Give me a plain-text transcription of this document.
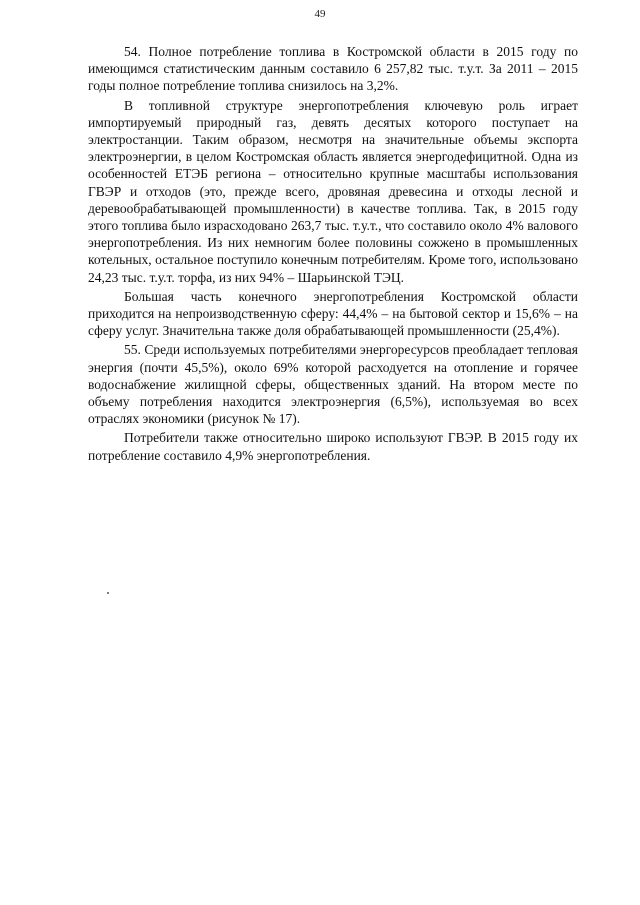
49

54. Полное потребление топлива в Костромской области в 2015 году по имеющимся статистическим данным составило 6 257,82 тыс. т.у.т. За 2011 – 2015 годы полное потребление топлива снизилось на 3,2%.

В топливной структуре энергопотребления ключевую роль играет импортируемый природный газ, девять десятых которого поступает на электростанции. Таким образом, несмотря на значительные объемы экспорта электроэнергии, в целом Костромская область является энергодефицитной. Одна из особенностей ЕТЭБ региона – относительно крупные масштабы использования ГВЭР и отходов (это, прежде всего, дровяная древесина и отходы лесной и деревообрабатывающей промышленности) в качестве топлива. Так, в 2015 году этого топлива было израсходовано 263,7 тыс. т.у.т., что составило около 4% валового энергопотребления. Из них немногим более половины сожжено в промышленных котельных, остальное поступило конечным потребителям. Кроме того, использовано 24,23 тыс. т.у.т. торфа, из них 94% – Шарьинской ТЭЦ.

Большая часть конечного энергопотребления Костромской области приходится на непроизводственную сферу: 44,4% – на бытовой сектор и 15,6% – на сферу услуг. Значительна также доля обрабатывающей промышленности (25,4%).

55. Среди используемых потребителями энергоресурсов преобладает тепловая энергия (почти 45,5%), около 69% которой расходуется на отопление и горячее водоснабжение жилищной сферы, общественных зданий. На втором месте по объему потребления находится электроэнергия (6,5%), используемая во всех отраслях экономики (рисунок № 17).

Потребители также относительно широко используют ГВЭР. В 2015 году их потребление составило 4,9% энергопотребления.
